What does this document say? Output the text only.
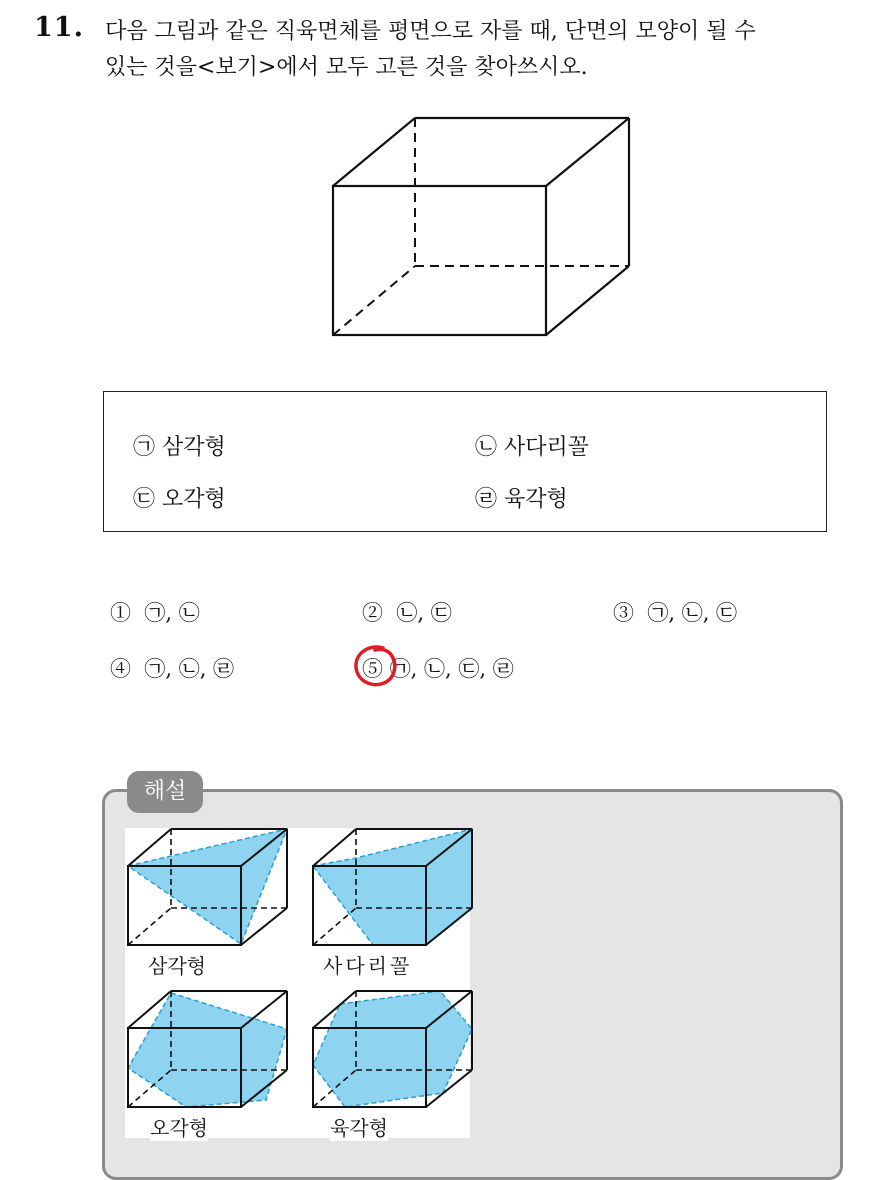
11. 다음 그림과 같은 직육면체를 평면으로 자를 때, 단면의 모양이 될 수
있는 것을<보기>에서 모두 고른 것을 찾아쓰시오.
㉠ 삼각형	㉡ 사다리꼴
㉢ 오각형	㉣ 육각형
① ㉠, ㉡	② ㉡, ㉢	③ ㉠, ㉡, ㉢
④ ㉠, ㉡, ㉣	⑤ ㉠, ㉡, ㉢, ㉣
해설
삼각형	사다리꼴
오각형	육각형
